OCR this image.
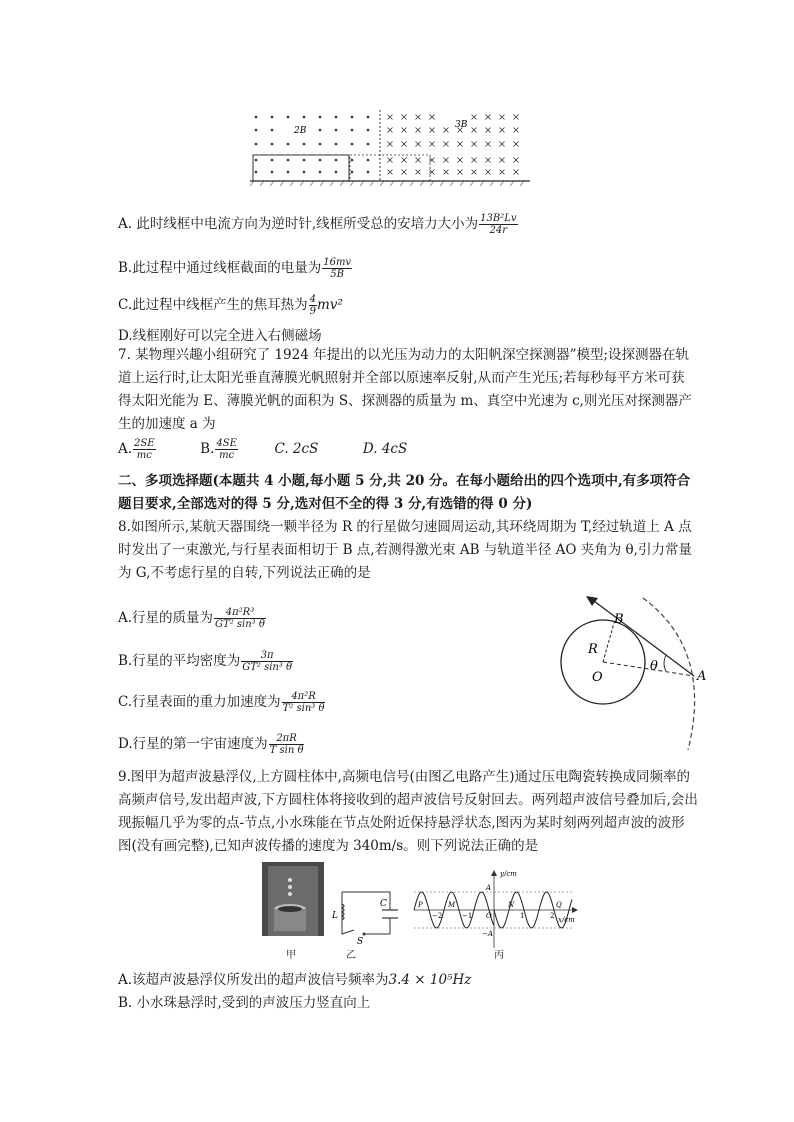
2B
3B
A. 此时线框中电流方向为逆时针,线框所受总的安培力大小为 $\frac{\text{13B²Lv}}{24r}$
B.此过程中通过线框截面的电量为 $\frac{16mv}{5B}$
C.此过程中线框产生的焦耳热为 $\frac{4}{9} mv^2$
D.线框刚好可以完全进入右侧磁场
7. 某物理兴趣小组研究了 1924 年提出的以光压为动力的太阳帆深空探测器”模型;设探测器在轨道上运行时,让太阳光垂直薄膜光帆照射并全部以原速率反射,从而产生光压;若每秒每平方米可获得太阳光能为 E、薄膜光帆的面积为 S、探测器的质量为 m、真空中光速为 c,则光压对探测器产生的加速度 a 为
A. $\frac{2SE}{mc}$	B. $\frac{4SE}{mc}$	C. 2cS	D. 4cS
二、多项选择题(本题共 4 小题,每小题 5 分,共 20 分。在每小题给出的四个选项中,有多项符合题目要求,全部选对的得 5 分,选对但不全的得 3 分,有选错的得 0 分)
8.如图所示,某航天器围绕一颗半径为 R 的行星做匀速圆周运动,其环绕周期为 T,经过轨道上 A 点时发出了一束激光,与行星表面相切于 B 点,若测得激光束 AB 与轨道半径 AO 夹角为 θ,引力常量为 G,不考虑行星的自转,下列说法正确的是
A.行星的质量为 $\frac{\text{4π²R³}}{\text{GT² sin³ θ}}$
B.行星的平均密度为 $\frac{3\pi}{\text{GT² sin³ θ}}$
C.行星表面的重力加速度为 $\frac{\text{4π²R}}{\text{T² sin³ θ}}$
D.行星的第一宇宙速度为 $\frac{2\pi R}{\text{T sin θ}}$
B
R
O
θ
A
9.图甲为超声波悬浮仪,上方圆柱体中,高频电信号(由图乙电路产生)通过压电陶瓷转换成同频率的高频声信号,发出超声波,下方圆柱体将接收到的超声波信号反射回去。两列超声波信号叠加后,会出现振幅几乎为零的点-节点,小水珠能在节点处附近保持悬浮状态,图丙为某时刻两列超声波的波形图(没有画完整),已知声波传播的速度为 340m/s。则下列说法正确的是
甲
L
C
S
乙
y/cm
x/cm
A
−A
P	M	N	Q
O
−2	−1	1	2
丙
A.该超声波悬浮仪所发出的超声波信号频率为3.4 × 10⁵Hz
B. 小水珠悬浮时,受到的声波压力竖直向上
